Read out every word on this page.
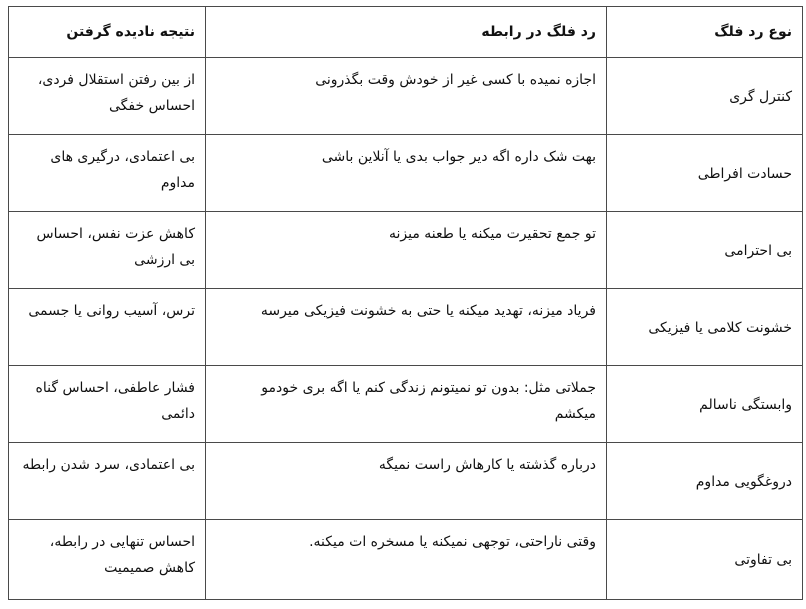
نوع رد فلگ	رد فلگ در رابطه	نتیجه نادیده گرفتن
کنترل گری	اجازه نمیده با کسی غیر از خودش وقت بگذرونی	از بین رفتن استقلال فردی، احساس خفگی
حسادت افراطی	بهت شک داره اگه دیر جواب بدی یا آنلاین باشی	بی اعتمادی، درگیری های مداوم
بی احترامی	تو جمع تحقیرت میکنه یا طعنه میزنه	کاهش عزت نفس، احساس بی ارزشی
خشونت کلامی یا فیزیکی	فریاد میزنه، تهدید میکنه یا حتی به خشونت فیزیکی میرسه	ترس، آسیب روانی یا جسمی
وابستگی ناسالم	جملاتی مثل: بدون تو نمیتونم زندگی کنم یا اگه بری خودمو میکشم	فشار عاطفی، احساس گناه دائمی
دروغگویی مداوم	درباره گذشته یا کارهاش راست نمیگه	بی اعتمادی، سرد شدن رابطه
بی تفاوتی	وقتی ناراحتی، توجهی نمیکنه یا مسخره ات میکنه.	احساس تنهایی در رابطه، کاهش صمیمیت
